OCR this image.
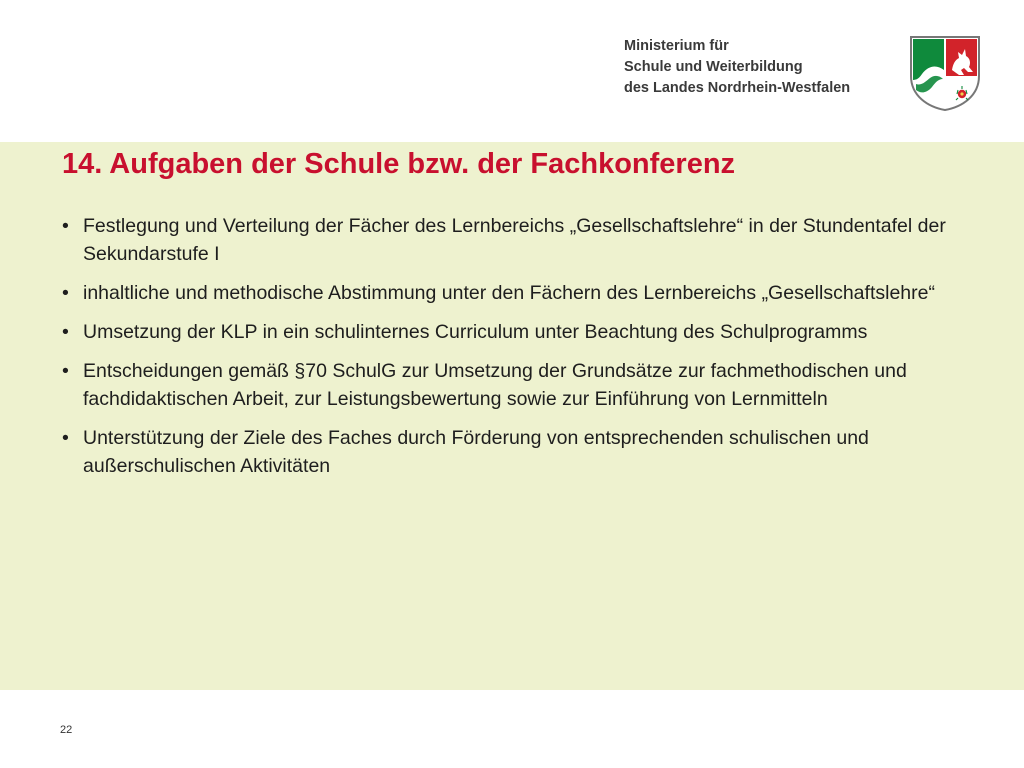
Ministerium für
Schule und Weiterbildung
des Landes Nordrhein-Westfalen
14. Aufgaben der Schule bzw. der Fachkonferenz
• Festlegung und Verteilung der Fächer des Lernbereichs „Gesellschaftslehre“ in der Stundentafel der Sekundarstufe I
• inhaltliche und methodische Abstimmung unter den Fächern des Lernbereichs „Gesellschaftslehre“
• Umsetzung der KLP in ein schulinternes Curriculum unter Beachtung des Schulprogramms
• Entscheidungen gemäß §70 SchulG zur Umsetzung der Grundsätze zur fachmethodischen und fachdidaktischen Arbeit, zur Leistungsbewertung sowie zur Einführung von Lernmitteln
• Unterstützung der Ziele des Faches durch Förderung von entsprechenden schulischen und außerschulischen Aktivitäten
22
